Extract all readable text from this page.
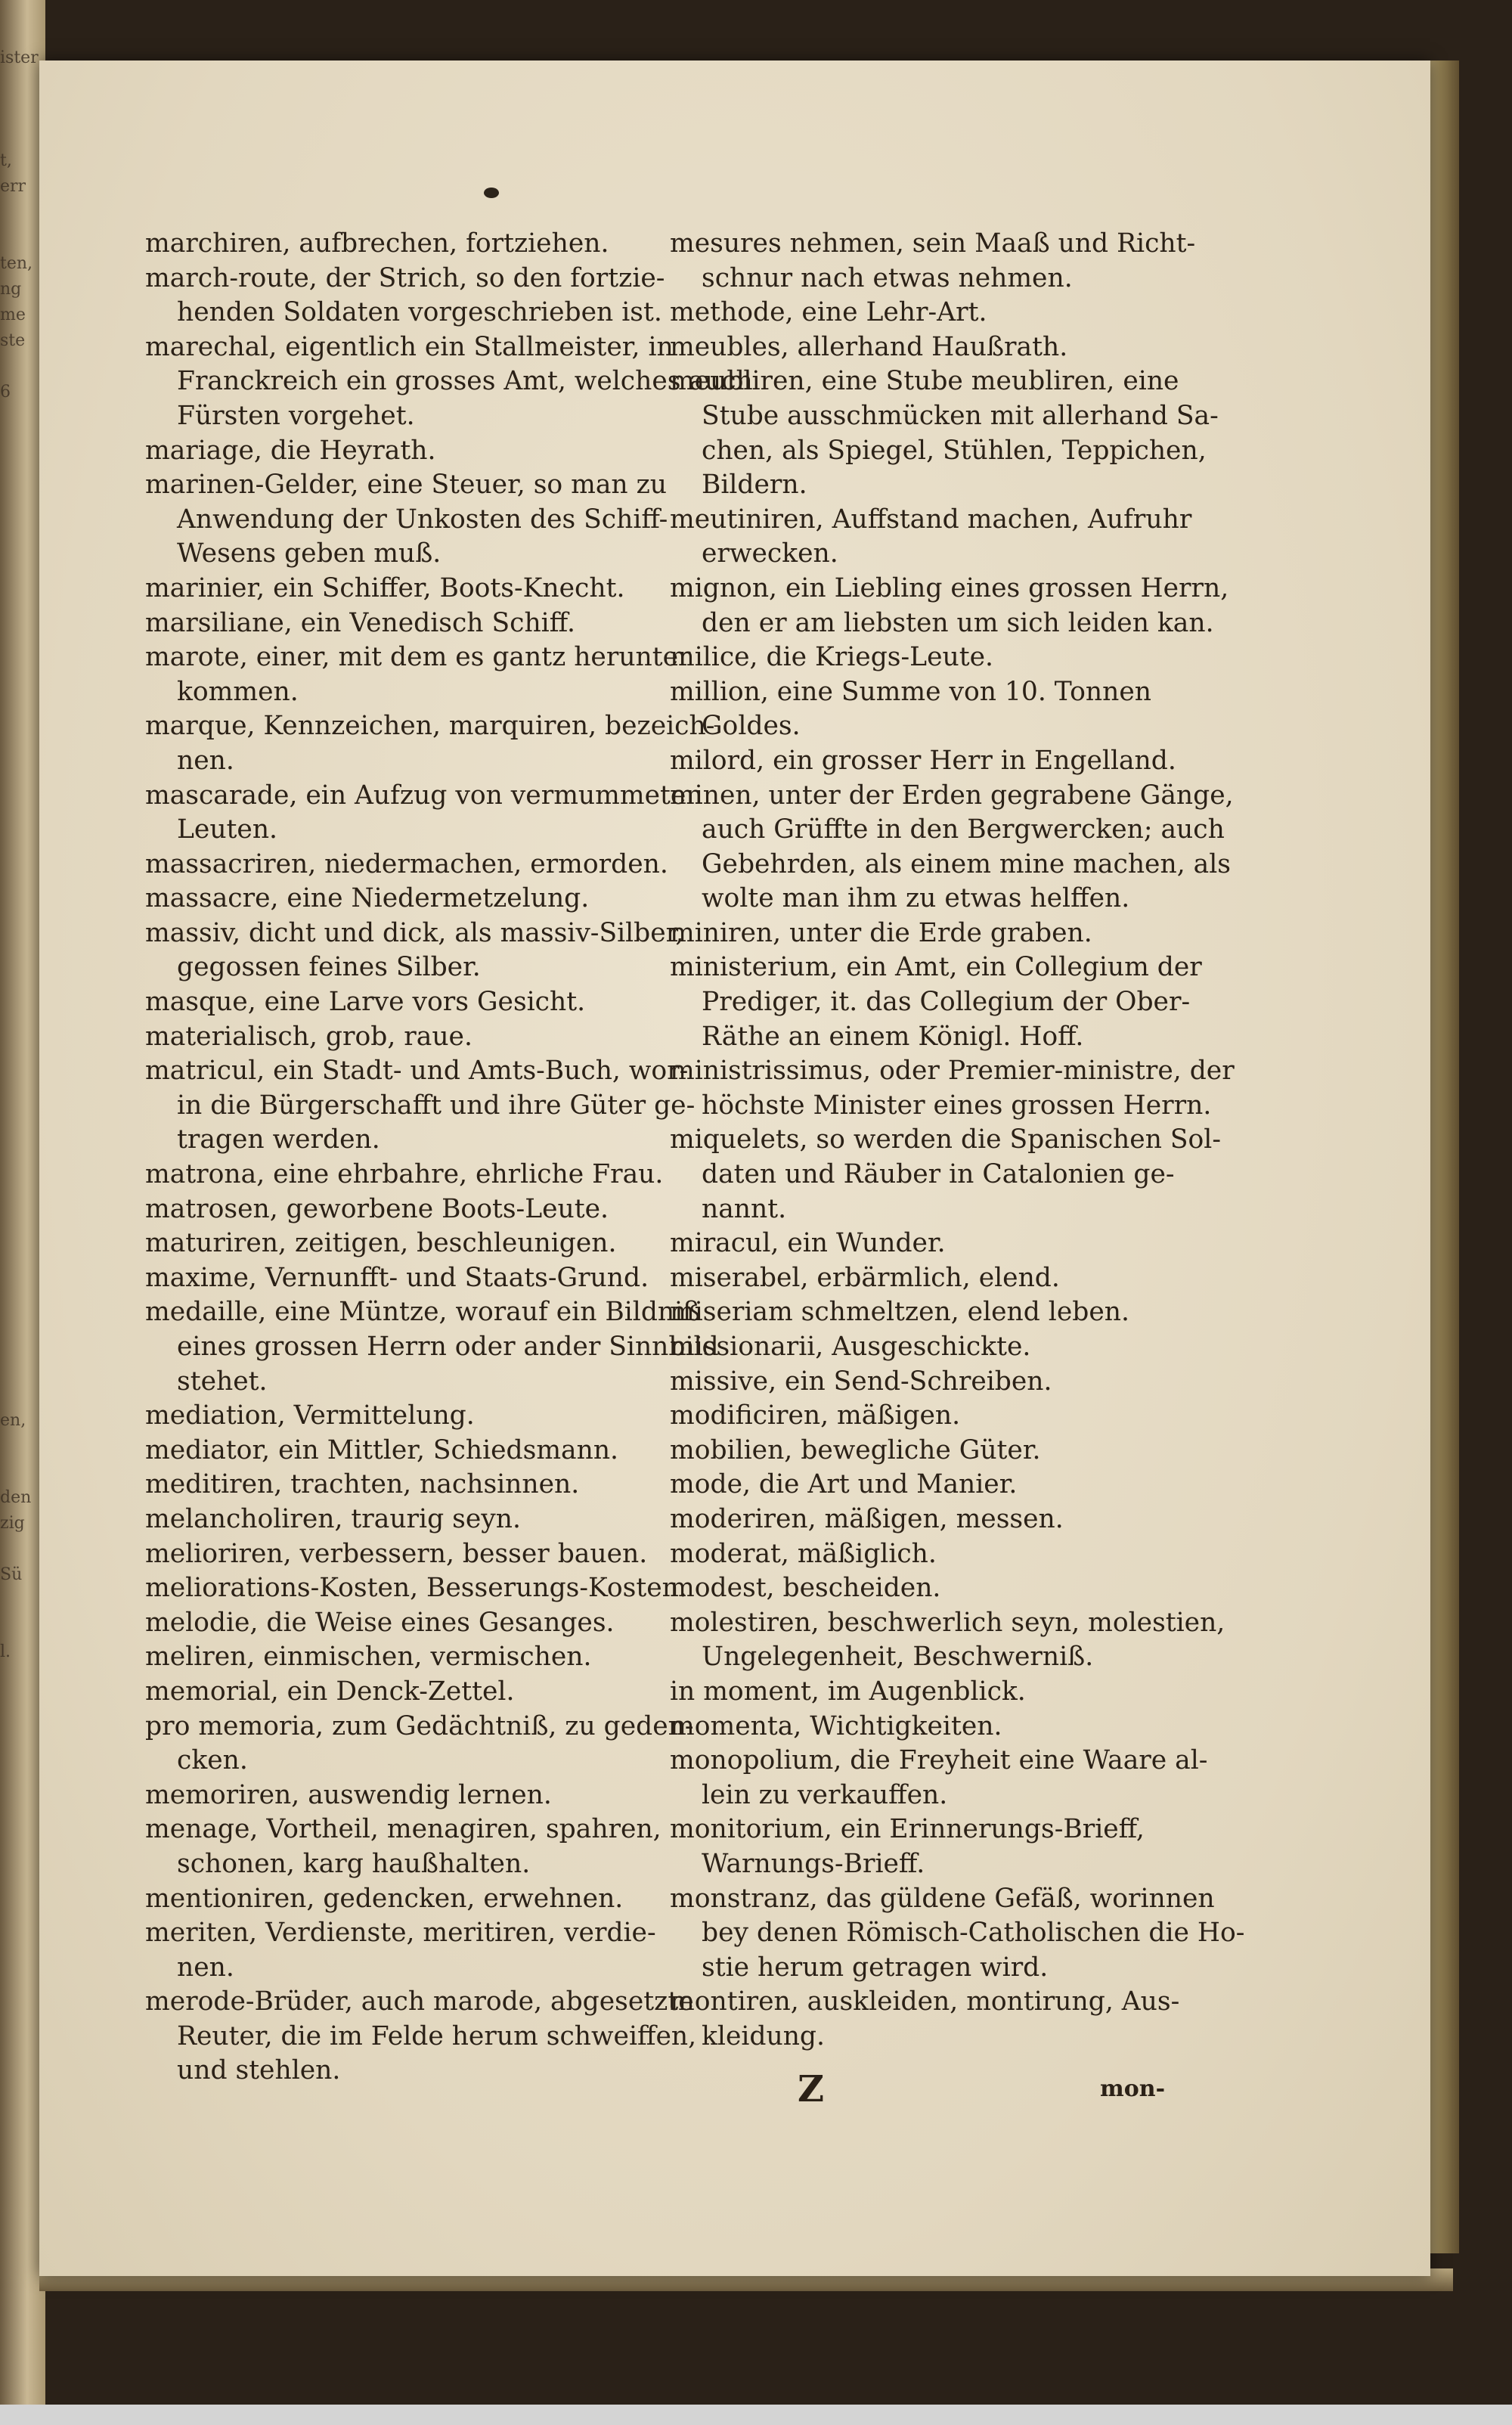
ister

t,
err

ten,
ng
me
ste

6

en,

den
zig

Sü

l.
marchiren, aufbrechen, fortziehen.
march-route, der Strich, so den fortzie-
henden Soldaten vorgeschrieben ist.
marechal, eigentlich ein Stallmeister, in
Franckreich ein grosses Amt, welches auch
Fürsten vorgehet.
mariage, die Heyrath.
marinen-Gelder, eine Steuer, so man zu
Anwendung der Unkosten des Schiff-
Wesens geben muß.
marinier, ein Schiffer, Boots-Knecht.
marsiliane, ein Venedisch Schiff.
marote, einer, mit dem es gantz herunter
kommen.
marque, Kennzeichen, marquiren, bezeich-
nen.
mascarade, ein Aufzug von vermummeten
Leuten.
massacriren, niedermachen, ermorden.
massacre, eine Niedermetzelung.
massiv, dicht und dick, als massiv-Silber,
gegossen feines Silber.
masque, eine Larve vors Gesicht.
materialisch, grob, raue.
matricul, ein Stadt- und Amts-Buch, wor-
in die Bürgerschafft und ihre Güter ge-
tragen werden.
matrona, eine ehrbahre, ehrliche Frau.
matrosen, geworbene Boots-Leute.
maturiren, zeitigen, beschleunigen.
maxime, Vernunfft- und Staats-Grund.
medaille, eine Müntze, worauf ein Bildniß
eines grossen Herrn oder ander Sinnbild
stehet.
mediation, Vermittelung.
mediator, ein Mittler, Schiedsmann.
meditiren, trachten, nachsinnen.
melancholiren, traurig seyn.
melioriren, verbessern, besser bauen.
meliorations-Kosten, Besserungs-Kosten.
melodie, die Weise eines Gesanges.
meliren, einmischen, vermischen.
memorial, ein Denck-Zettel.
pro memoria, zum Gedächtniß, zu geden-
cken.
memoriren, auswendig lernen.
menage, Vortheil, menagiren, spahren,
schonen, karg haußhalten.
mentioniren, gedencken, erwehnen.
meriten, Verdienste, meritiren, verdie-
nen.
merode-Brüder, auch marode, abgesetzte
Reuter, die im Felde herum schweiffen,
und stehlen.
mesures nehmen, sein Maaß und Richt-
schnur nach etwas nehmen.
methode, eine Lehr-Art.
meubles, allerhand Haußrath.
meubliren, eine Stube meubliren, eine
Stube ausschmücken mit allerhand Sa-
chen, als Spiegel, Stühlen, Teppichen,
Bildern.
meutiniren, Auffstand machen, Aufruhr
erwecken.
mignon, ein Liebling eines grossen Herrn,
den er am liebsten um sich leiden kan.
milice, die Kriegs-Leute.
million, eine Summe von 10. Tonnen
Goldes.
milord, ein grosser Herr in Engelland.
minen, unter der Erden gegrabene Gänge,
auch Grüffte in den Bergwercken; auch
Gebehrden, als einem mine machen, als
wolte man ihm zu etwas helffen.
miniren, unter die Erde graben.
ministerium, ein Amt, ein Collegium der
Prediger, it. das Collegium der Ober-
Räthe an einem Königl. Hoff.
ministrissimus, oder Premier-ministre, der
höchste Minister eines grossen Herrn.
miquelets, so werden die Spanischen Sol-
daten und Räuber in Catalonien ge-
nannt.
miracul, ein Wunder.
miserabel, erbärmlich, elend.
miseriam schmeltzen, elend leben.
missionarii, Ausgeschickte.
missive, ein Send-Schreiben.
modificiren, mäßigen.
mobilien, bewegliche Güter.
mode, die Art und Manier.
moderiren, mäßigen, messen.
moderat, mäßiglich.
modest, bescheiden.
molestiren, beschwerlich seyn, molestien,
Ungelegenheit, Beschwerniß.
in moment, im Augenblick.
momenta, Wichtigkeiten.
monopolium, die Freyheit eine Waare al-
lein zu verkauffen.
monitorium, ein Erinnerungs-Brieff,
Warnungs-Brieff.
monstranz, das güldene Gefäß, worinnen
bey denen Römisch-Catholischen die Ho-
stie herum getragen wird.
montiren, auskleiden, montirung, Aus-
kleidung.
Z	mon-
